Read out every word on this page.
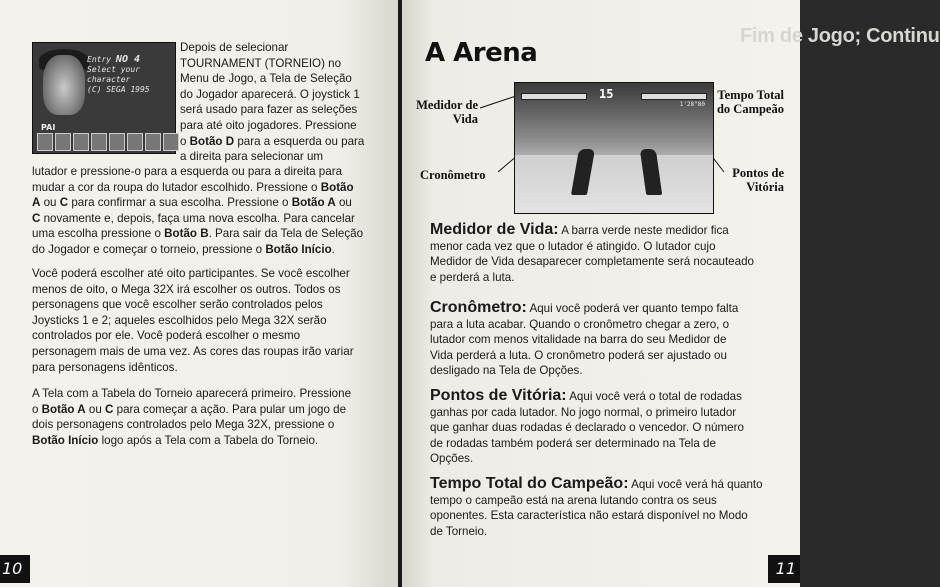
Entry NO 4
Select your character
(C) SEGA 1995
PAI
Depois de selecionar
TOURNAMENT (TORNEIO) no
Menu de Jogo, a Tela de Seleção
do Jogador aparecerá. O joystick 1
será usado para fazer as seleções
para até oito jogadores. Pressione
o Botão D para a esquerda ou para
a direita para selecionar um
lutador e pressione-o para a esquerda ou para a direita para
mudar a cor da roupa do lutador escolhido. Pressione o Botão
A ou C para confirmar a sua escolha. Pressione o Botão A ou
C novamente e, depois, faça uma nova escolha. Para cancelar
uma escolha pressione o Botão B. Para sair da Tela de Seleção
do Jogador e começar o torneio, pressione o Botão Início.
Você poderá escolher até oito participantes. Se você escolher
menos de oito, o Mega 32X irá escolher os outros. Todos os
personagens que você escolher serão controlados pelos
Joysticks 1 e 2; aqueles escolhidos pelo Mega 32X serão
controlados por ele. Você poderá escolher o mesmo
personagem mais de uma vez. As cores das roupas irão variar
para personagens idênticos.
A Tela com a Tabela do Torneio aparecerá primeiro. Pressione
o Botão A ou C para começar a ação. Para pular um jogo de
dois personagens controlados pelo Mega 32X, pressione o
Botão Início logo após a Tela com a Tabela do Torneio.
10
Fim de Jogo; Continu
A Arena
Medidor de
Vida
Tempo Total
do Campeão
Cronômetro	Pontos de
Vitória
15
1'28"80
Medidor de Vida: A barra verde neste medidor fica
menor cada vez que o lutador é atingido. O lutador cujo
Medidor de Vida desaparecer completamente será nocauteado
e perderá a luta.
Cronômetro: Aqui você poderá ver quanto tempo falta
para a luta acabar. Quando o cronômetro chegar a zero, o
lutador com menos vitalidade na barra do seu Medidor de
Vida perderá a luta. O cronômetro poderá ser ajustado ou
desligado na Tela de Opções.
Pontos de Vitória: Aqui você verá o total de rodadas
ganhas por cada lutador. No jogo normal, o primeiro lutador
que ganhar duas rodadas é declarado o vencedor. O número
de rodadas também poderá ser determinado na Tela de
Opções.
Tempo Total do Campeão: Aqui você verá há quanto
tempo o campeão está na arena lutando contra os seus
oponentes. Esta característica não estará disponível no Modo
de Torneio.
11
